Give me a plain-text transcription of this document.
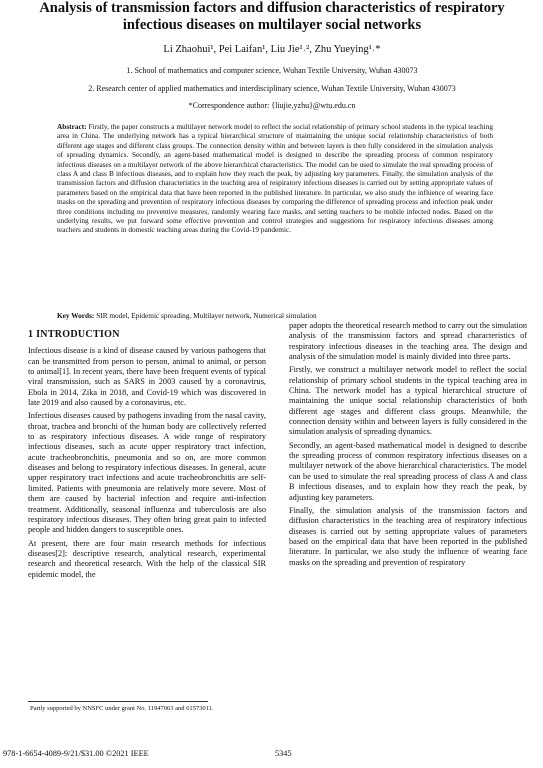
Analysis of transmission factors and diffusion characteristics of respiratory infectious diseases on multilayer social networks
Li Zhaohui¹, Pei Laifan¹, Liu Jie¹˒², Zhu Yueying¹˒*
1. School of mathematics and computer science, Wuhan Textile University, Wuhan 430073
2. Research center of applied mathematics and interdisciplinary science, Wuhan Textile University, Wuhan 430073
*Correspondence author: {liujie,yzhu}@wtu.edu.cn
Abstract: Firstly, the paper constructs a multilayer network model to reflect the social relationship of primary school students in the typical teaching area in China. The underlying network has a typical hierarchical structure of maintaining the unique social relationship characteristics of both different age stages and different class groups. The connection density within and between layers is then fully considered in the simulation analysis of spreading dynamics. Secondly, an agent-based mathematical model is designed to describe the spreading process of common respiratory infectious diseases on a multilayer network of the above hierarchical characteristics. The model can be used to simulate the real spreading process of class A and class B infectious diseases, and to explain how they reach the peak, by adjusting key parameters. Finally, the simulation analysis of the transmission factors and diffusion characteristics in the teaching area of respiratory infectious diseases is carried out by setting appropriate values of parameters based on the empirical data that have been reported in the published literature. In particular, we also study the influence of wearing face masks on the spreading and prevention of respiratory infectious diseases by comparing the difference of spreading process and infection peak under three conditions including no preventive measures, randomly wearing face masks, and setting teachers to be mobile infected nodes. Based on the underlying results, we put forward some effective prevention and control strategies and suggestions for respiratory infectious diseases among teachers and students in domestic teaching areas during the Covid-19 pandemic.
Key Words: SIR model, Epidemic spreading, Multilayer network, Numerical simulation
1 INTRODUCTION

Infectious disease is a kind of disease caused by various pathogens that can be transmitted from person to person, animal to animal, or person to animal[1]. In recent years, there have been frequent events of typical viral transmission, such as SARS in 2003 caused by a coronavirus, Ebola in 2014, Zika in 2018, and Covid-19 which was discovered in late 2019 and also caused by a coronavirus, etc.

Infectious diseases caused by pathogens invading from the nasal cavity, throat, trachea and bronchi of the human body are collectively referred to as respiratory infectious diseases. A wide range of respiratory infectious diseases, such as acute upper respiratory tract infection, acute tracheobronchitis, pneumonia and so on, are more common diseases and belong to respiratory infectious diseases. In general, acute upper respiratory tract infections and acute tracheobronchitis are self-limited. Patients with pneumonia are relatively more severe. Most of them are caused by bacterial infection and require anti-infection treatment. Additionally, seasonal influenza and tuberculosis are also respiratory infectious diseases. They often bring great pain to infected people and hidden dangers to susceptible ones.

At present, there are four main research methods for infectious diseases[2]: descriptive research, analytical research, experimental research and theoretical research. With the help of the classical SIR epidemic model, the

paper adopts the theoretical research method to carry out the simulation analysis of the transmission factors and spread characteristics of respiratory infectious diseases in the teaching area. The design and analysis of the simulation model is mainly divided into three parts.

Firstly, we construct a multilayer network model to reflect the social relationship of primary school students in the typical teaching area in China. The network model has a typical hierarchical structure of maintaining the unique social relationship characteristics of both different age stages and different class groups. Meanwhile, the connection density within and between layers is fully considered in the simulation analysis of spreading dynamics.

Secondly, an agent-based mathematical model is designed to describe the spreading process of common respiratory infectious diseases on a multilayer network of the above hierarchical characteristics. The model can be used to simulate the real spreading process of class A and class B infectious diseases, and to explain how they reach the peak, by adjusting key parameters.

Finally, the simulation analysis of the transmission factors and diffusion characteristics in the teaching area of respiratory infectious diseases is carried out by setting appropriate values of parameters based on the empirical data that have been reported in the published literature. In particular, we also study the influence of wearing face masks on the spreading and prevention of respiratory

Partly supported by NNSFC under grant No. 11947063 and 61573011.
978-1-6654-4089-9/21/$31.00 ©2021 IEEE	5345
